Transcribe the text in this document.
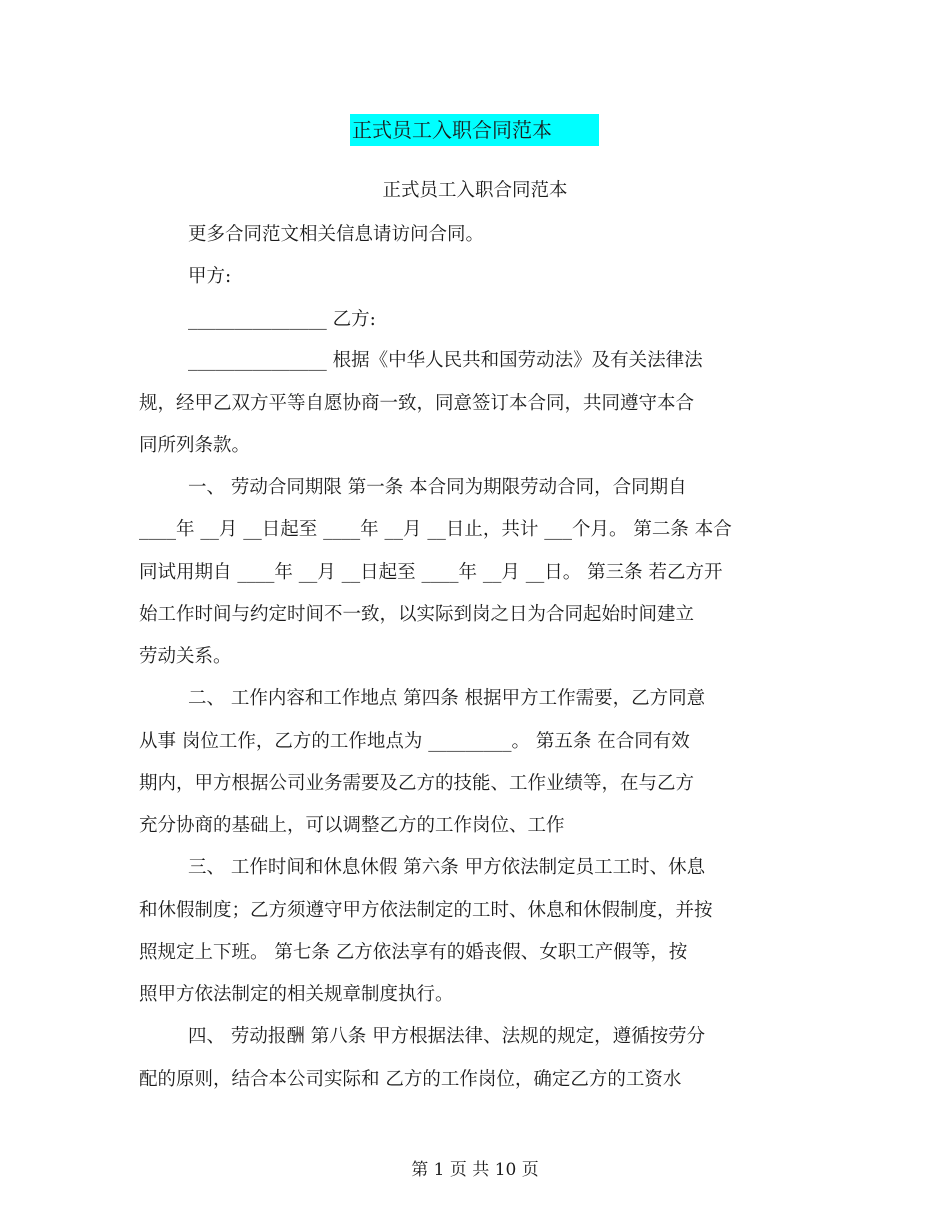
正式员工入职合同范本
正式员工入职合同范本
更多合同范文相关信息请访问合同。
甲方:
_______________ 乙方:
_______________ 根据《中华人民共和国劳动法》及有关法律法
规，经甲乙双方平等自愿协商一致，同意签订本合同，共同遵守本合
同所列条款。
一、 劳动合同期限 第一条 本合同为期限劳动合同，合同期自
____年 __月 __日起至 ____年 __月 __日止，共计 ___个月。 第二条 本合
同试用期自 ____年 __月 __日起至 ____年 __月 __日。 第三条 若乙方开
始工作时间与约定时间不一致，以实际到岗之日为合同起始时间建立
劳动关系。
二、 工作内容和工作地点 第四条 根据甲方工作需要，乙方同意
从事 岗位工作，乙方的工作地点为 _________。 第五条 在合同有效
期内，甲方根据公司业务需要及乙方的技能、工作业绩等，在与乙方
充分协商的基础上，可以调整乙方的工作岗位、工作
三、 工作时间和休息休假 第六条 甲方依法制定员工工时、休息
和休假制度；乙方须遵守甲方依法制定的工时、休息和休假制度，并按
照规定上下班。 第七条 乙方依法享有的婚丧假、女职工产假等，按
照甲方依法制定的相关规章制度执行。
四、 劳动报酬 第八条 甲方根据法律、法规的规定，遵循按劳分
配的原则，结合本公司实际和 乙方的工作岗位，确定乙方的工资水
第 1 页 共 10 页
